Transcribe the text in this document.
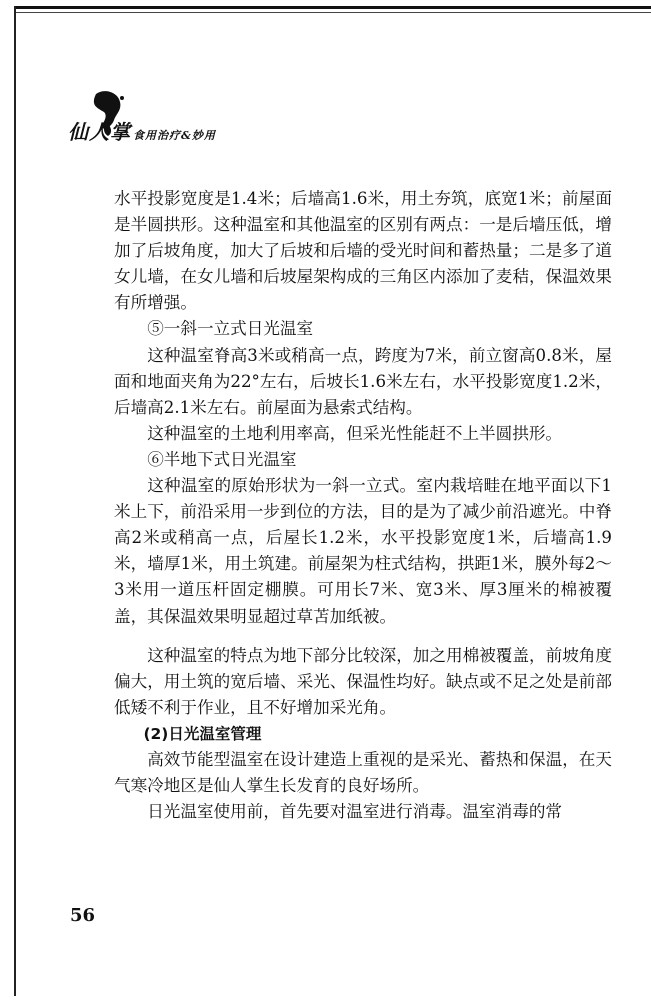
仙人掌 食用治疗&妙用

水平投影宽度是1.4米；后墙高1.6米，用土夯筑，底宽1米；前屋面是半圆拱形。这种温室和其他温室的区别有两点：一是后墙压低，增加了后坡角度，加大了后坡和后墙的受光时间和蓄热量；二是多了道女儿墙，在女儿墙和后坡屋架构成的三角区内添加了麦秸，保温效果有所增强。

⑤一斜一立式日光温室

这种温室脊高3米或稍高一点，跨度为7米，前立窗高0.8米，屋面和地面夹角为22°左右，后坡长1.6米左右，水平投影宽度1.2米，后墙高2.1米左右。前屋面为悬索式结构。

这种温室的土地利用率高，但采光性能赶不上半圆拱形。

⑥半地下式日光温室

这种温室的原始形状为一斜一立式。室内栽培畦在地平面以下1米上下，前沿采用一步到位的方法，目的是为了减少前沿遮光。中脊高2米或稍高一点，后屋长1.2米，水平投影宽度1米，后墙高1.9米，墙厚1米，用土筑建。前屋架为柱式结构，拱距1米，膜外每2～3米用一道压杆固定棚膜。可用长7米、宽3米、厚3厘米的棉被覆盖，其保温效果明显超过草苫加纸被。

这种温室的特点为地下部分比较深，加之用棉被覆盖，前坡角度偏大，用土筑的宽后墙、采光、保温性均好。缺点或不足之处是前部低矮不利于作业，且不好增加采光角。

(2)日光温室管理

高效节能型温室在设计建造上重视的是采光、蓄热和保温，在天气寒冷地区是仙人掌生长发育的良好场所。

日光温室使用前，首先要对温室进行消毒。温室消毒的常

56
